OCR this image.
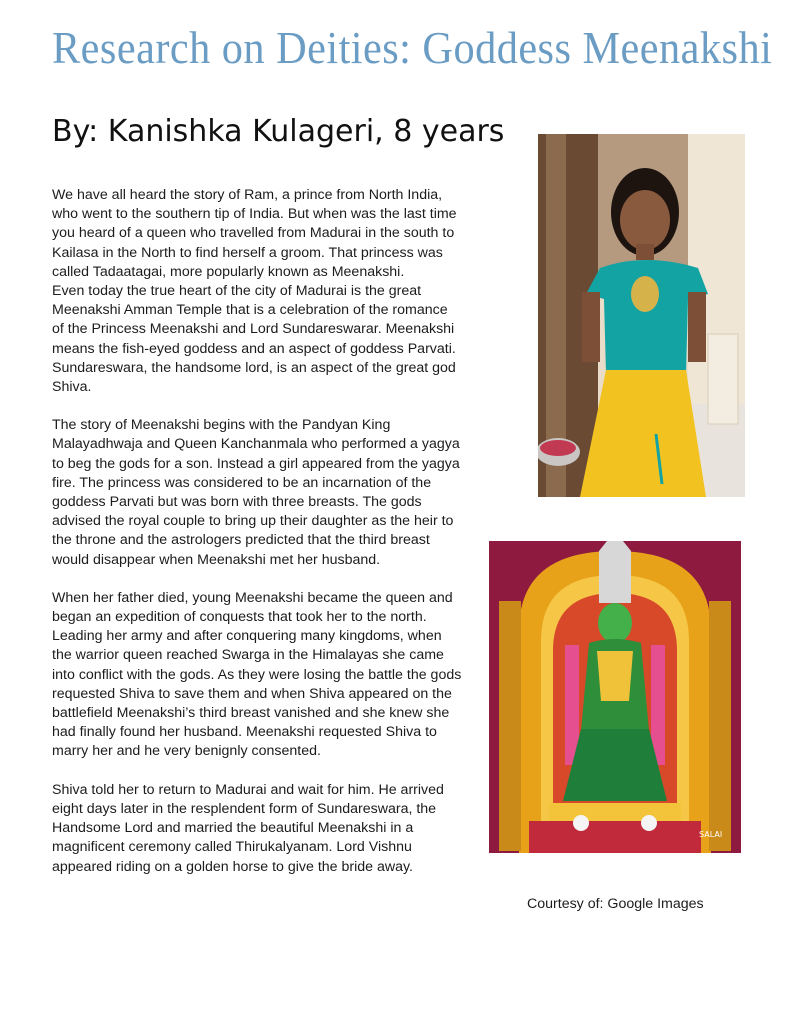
Research on Deities: Goddess Meenakshi
By: Kanishka Kulageri, 8 years

We have all heard the story of Ram, a prince from North India, who went to the southern tip of India. But when was the last time you heard of a queen who travelled from Madurai in the south to Kailasa in the North to find herself a groom. That princess was called Tadaatagai, more popularly known as Meenakshi.

Even today the true heart of the city of Madurai is the great Meenakshi Amman Temple that is a celebration of the romance of the Princess Meenakshi and Lord Sundareswarar. Meenakshi means the fish-eyed goddess and an aspect of goddess Parvati. Sundareswara, the handsome lord, is an aspect of the great god Shiva.

The story of Meenakshi begins with the Pandyan King Malayadhwaja and Queen Kanchanmala who performed a yagya to beg the gods for a son. Instead a girl appeared from the yagya fire. The princess was considered to be an incarnation of the goddess Parvati but was born with three breasts. The gods advised the royal couple to bring up their daughter as the heir to the throne and the astrologers predicted that the third breast would disappear when Meenakshi met her husband.

When her father died, young Meenakshi became the queen and began an expedition of conquests that took her to the north. Leading her army and after conquering many kingdoms, when the warrior queen reached Swarga in the Himalayas she came into conflict with the gods. As they were losing the battle the gods requested Shiva to save them and when Shiva appeared on the battlefield Meenakshi’s third breast vanished and she knew she had finally found her husband. Meenakshi requested Shiva to marry her and he very benignly consented.

Shiva told her to return to Madurai and wait for him. He arrived eight days later in the resplendent form of Sundareswara, the Handsome Lord and married the beautiful Meenakshi in a magnificent ceremony called Thirukalyanam. Lord Vishnu appeared riding on a golden horse to give the bride away.

SALAI
Courtesy of: Google Images
